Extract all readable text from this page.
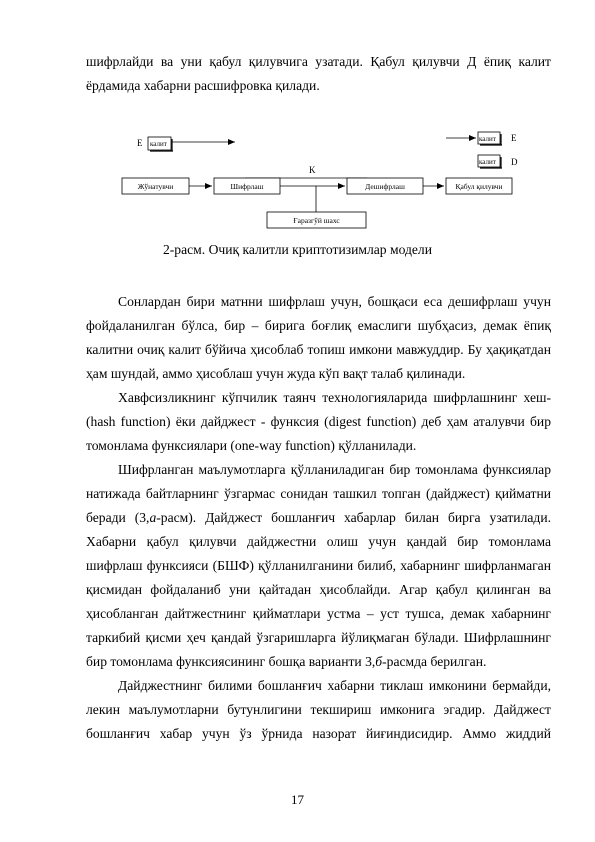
шифрлайди ва уни қабул қилувчига узатади. Қабул қилувчи Д ёпиқ калит ёрдамида хабарни расшифровка қилади.

E калит
калит E
калит D
K
Жўнатувчи	Шифрлаш	Дешифрлаш	Қабул қилувчи
Ғаразгўй шахс
2-расм. Очиқ калитли криптотизимлар модели

Сонлардан бири матнни шифрлаш учун, бошқаси еса дешифрлаш учун фойдаланилган бўлса, бир – бирига боғлиқ емаслиги шубҳасиз, демак ёпиқ калитни очиқ калит бўйича ҳисоблаб топиш имкони мавжуддир. Бу ҳақиқатдан ҳам шундай, аммо ҳисоблаш учун жуда кўп вақт талаб қилинади.

Хавфсизликнинг кўпчилик таянч технологияларида шифрлашнинг хеш- (hash function) ёки дайджест - функсия (digest function) деб ҳам аталувчи бир томонлама функсиялари (one-way function) қўлланилади.

Шифрланган маълумотларга қўлланиладиган бир томонлама функсиялар натижада байтларнинг ўзгармас сонидан ташкил топган (дайджест) қийматни беради (3,а-расм). Дайджест бошланғич хабарлар билан бирга узатилади. Хабарни қабул қилувчи дайджестни олиш учун қандай бир томонлама шифрлаш функсияси (БШФ) қўлланилганини билиб, хабарнинг шифрланмаган қисмидан фойдаланиб уни қайтадан ҳисоблайди. Агар қабул қилинган ва ҳисобланган дайтжестнинг қийматлари устма – уст тушса, демак хабарнинг таркибий қисми ҳеч қандай ўзгаришларга йўлиқмаган бўлади. Шифрлашнинг бир томонлама функсиясининг бошқа варианти 3,б-расмда берилган.

Дайджестнинг билими бошланғич хабарни тиклаш имконини бермайди, лекин маълумотларни бутунлигини текшириш имконига эгадир. Дайджест бошланғич хабар учун ўз ўрнида назорат йиғиндисидир. Аммо жиддий

17
